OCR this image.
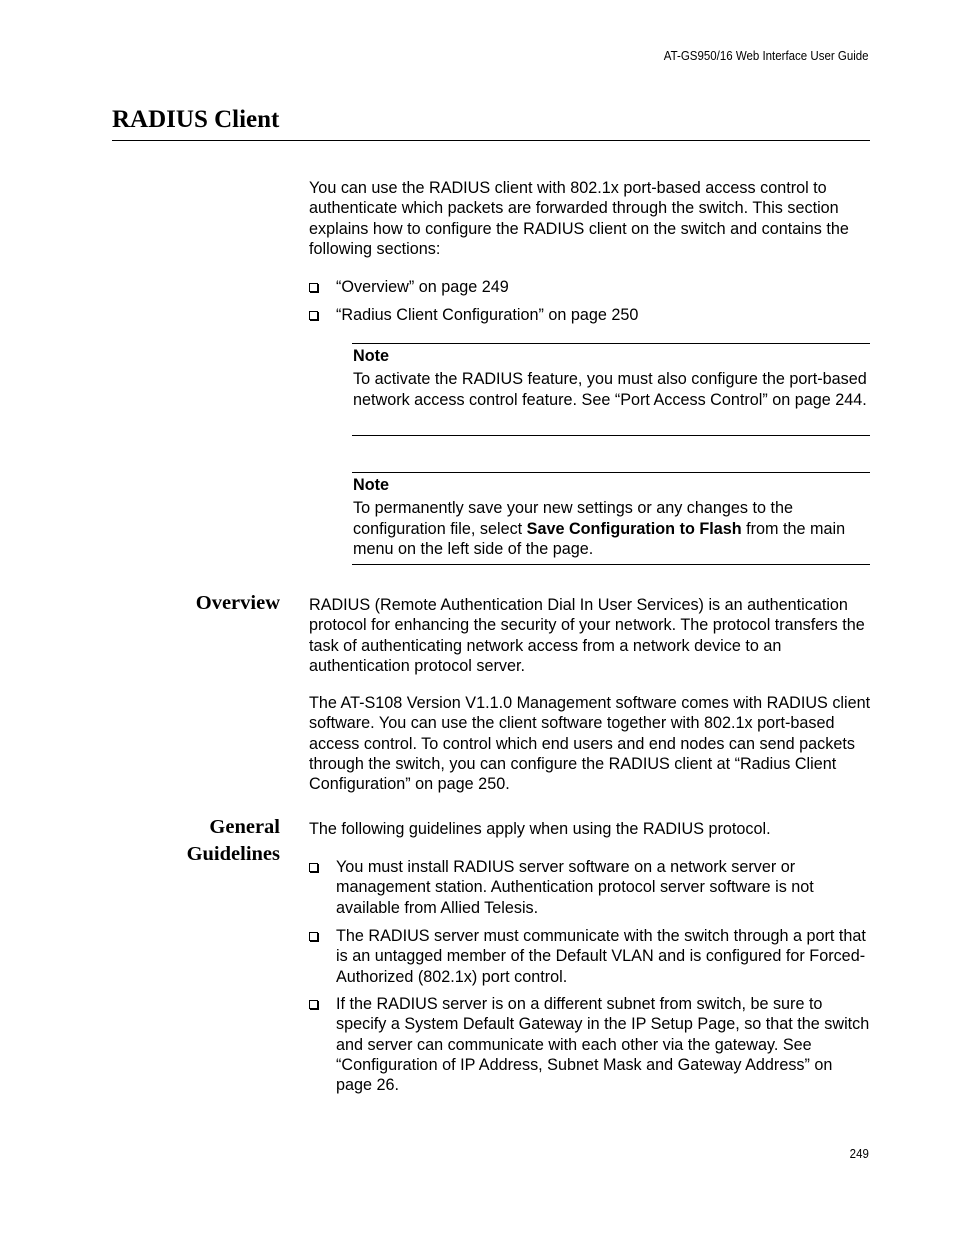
AT-GS950/16 Web Interface User Guide
RADIUS Client
You can use the RADIUS client with 802.1x port-based access control to authenticate which packets are forwarded through the switch. This section explains how to configure the RADIUS client on the switch and contains the following sections:
“Overview” on page 249
“Radius Client Configuration” on page 250
Note
To activate the RADIUS feature, you must also configure the port-based network access control feature. See “Port Access Control” on page 244.
Note
To permanently save your new settings or any changes to the configuration file, select Save Configuration to Flash from the main menu on the left side of the page.
Overview RADIUS (Remote Authentication Dial In User Services) is an authentication protocol for enhancing the security of your network. The protocol transfers the task of authenticating network access from a network device to an authentication protocol server.
The AT-S108 Version V1.1.0 Management software comes with RADIUS client software. You can use the client software together with 802.1x port-based access control. To control which end users and end nodes can send packets through the switch, you can configure the RADIUS client at “Radius Client Configuration” on page 250.
General
Guidelines
The following guidelines apply when using the RADIUS protocol.
You must install RADIUS server software on a network server or management station. Authentication protocol server software is not available from Allied Telesis.
The RADIUS server must communicate with the switch through a port that is an untagged member of the Default VLAN and is configured for Forced-Authorized (802.1x) port control.
If the RADIUS server is on a different subnet from switch, be sure to specify a System Default Gateway in the IP Setup Page, so that the switch and server can communicate with each other via the gateway. See “Configuration of IP Address, Subnet Mask and Gateway Address” on page 26.
249
